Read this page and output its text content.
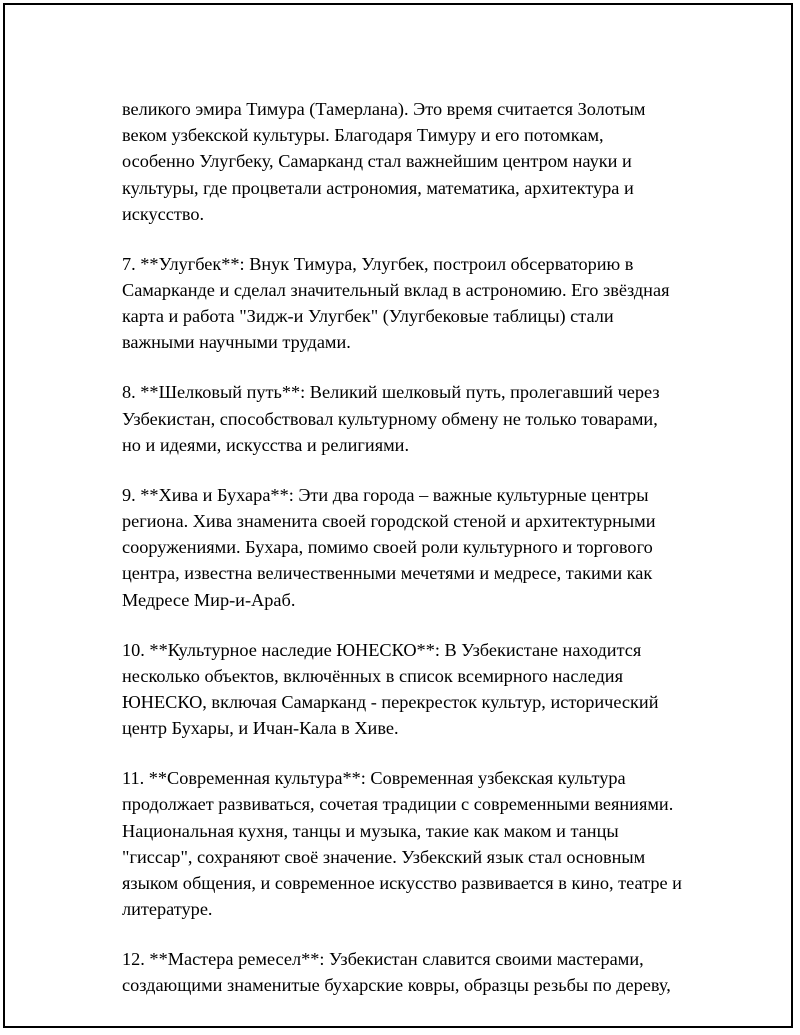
великого эмира Тимура (Тамерлана). Это время считается Золотым
веком узбекской культуры. Благодаря Тимуру и его потомкам,
особенно Улугбеку, Самарканд стал важнейшим центром науки и
культуры, где процветали астрономия, математика, архитектура и
искусство.

7. **Улугбек**: Внук Тимура, Улугбек, построил обсерваторию в
Самарканде и сделал значительный вклад в астрономию. Его звёздная
карта и работа "Зидж-и Улугбек" (Улугбековые таблицы) стали
важными научными трудами.

8. **Шелковый путь**: Великий шелковый путь, пролегавший через
Узбекистан, способствовал культурному обмену не только товарами,
но и идеями, искусства и религиями.

9. **Хива и Бухара**: Эти два города – важные культурные центры
региона. Хива знаменита своей городской стеной и архитектурными
сооружениями. Бухара, помимо своей роли культурного и торгового
центра, известна величественными мечетями и медресе, такими как
Медресе Мир-и-Араб.

10. **Культурное наследие ЮНЕСКО**: В Узбекистане находится
несколько объектов, включённых в список всемирного наследия
ЮНЕСКО, включая Самарканд - перекресток культур, исторический
центр Бухары, и Ичан-Кала в Хиве.

11. **Современная культура**: Современная узбекская культура
продолжает развиваться, сочетая традиции с современными веяниями.
Национальная кухня, танцы и музыка, такие как маком и танцы
"гиссар", сохраняют своё значение. Узбекский язык стал основным
языком общения, и современное искусство развивается в кино, театре и
литературе.

12. **Мастера ремесел**: Узбекистан славится своими мастерами,
создающими знаменитые бухарские ковры, образцы резьбы по дереву,
